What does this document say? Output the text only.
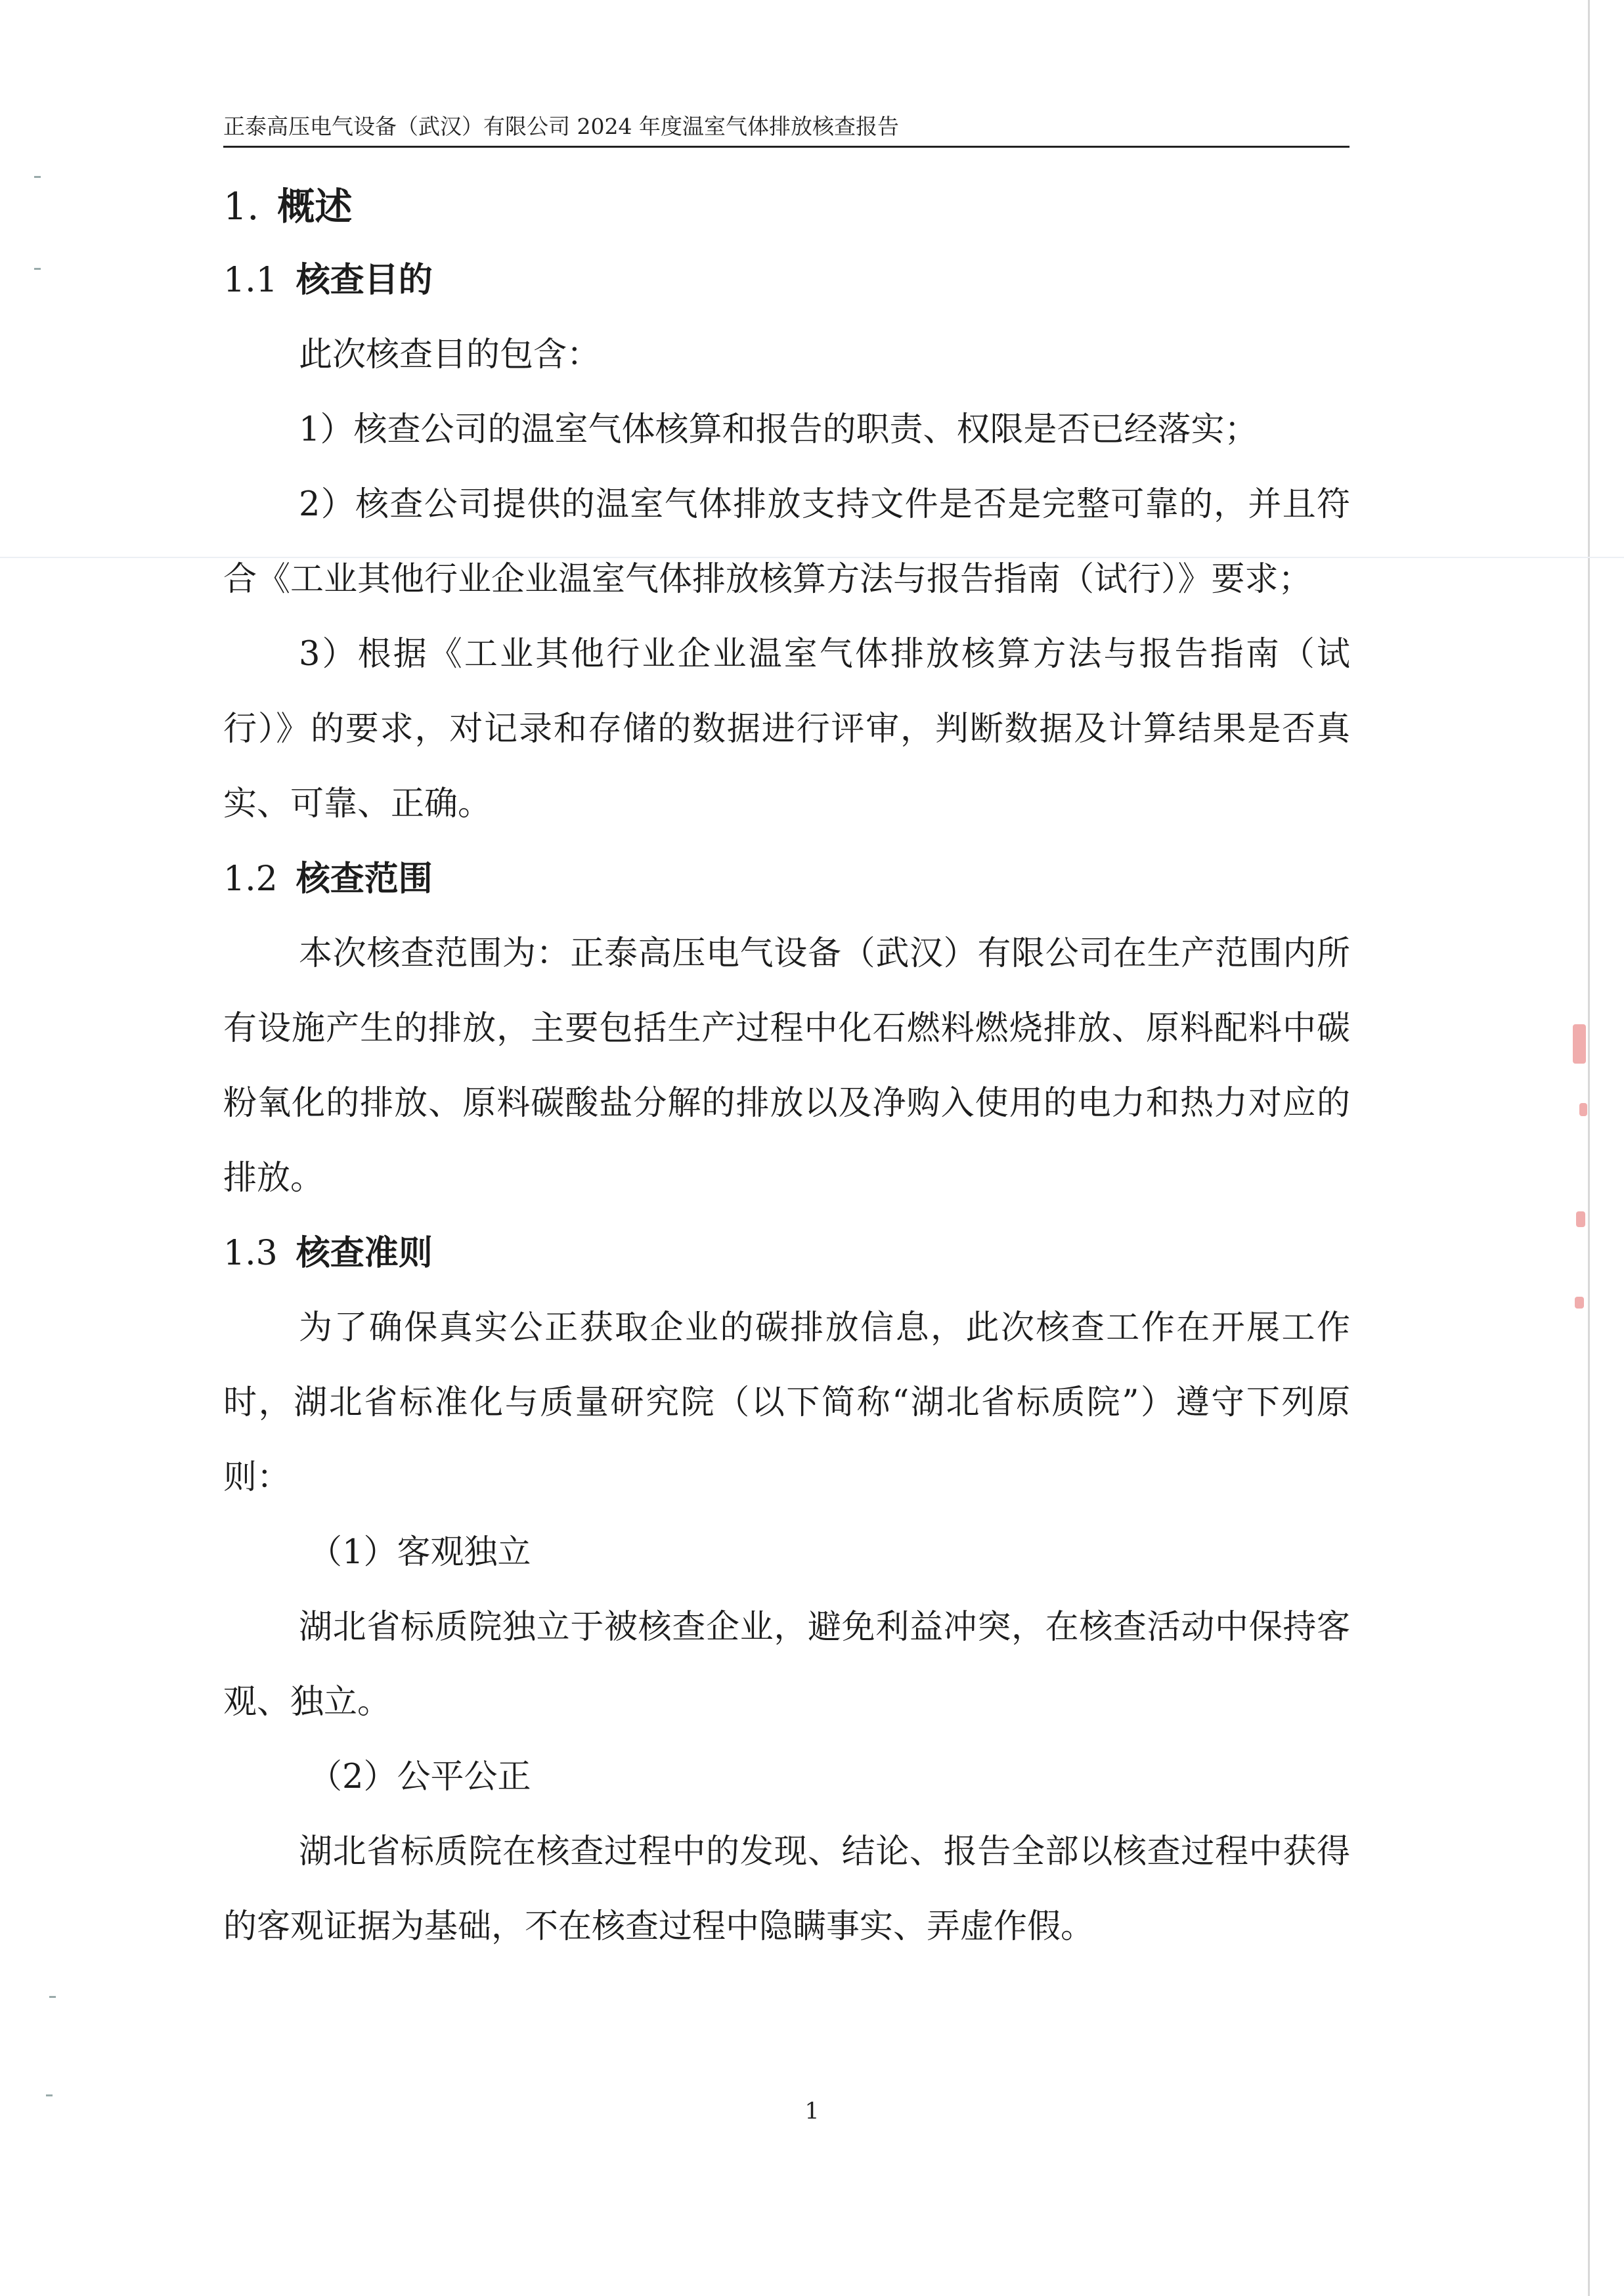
正泰高压电气设备（武汉）有限公司 2024 年度温室气体排放核查报告

1. 概述

1.1 核查目的

此次核查目的包含：

1）核查公司的温室气体核算和报告的职责、权限是否已经落实；

2）核查公司提供的温室气体排放支持文件是否是完整可靠的，并且符合《工业其他行业企业温室气体排放核算方法与报告指南（试行）》要求；

3）根据《工业其他行业企业温室气体排放核算方法与报告指南（试行）》的要求，对记录和存储的数据进行评审，判断数据及计算结果是否真实、可靠、正确。

1.2 核查范围

本次核查范围为：正泰高压电气设备（武汉）有限公司在生产范围内所有设施产生的排放，主要包括生产过程中化石燃料燃烧排放、原料配料中碳粉氧化的排放、原料碳酸盐分解的排放以及净购入使用的电力和热力对应的排放。

1.3 核查准则

为了确保真实公正获取企业的碳排放信息，此次核查工作在开展工作时，湖北省标准化与质量研究院（以下简称“湖北省标质院”）遵守下列原则：

（1）客观独立

湖北省标质院独立于被核查企业，避免利益冲突，在核查活动中保持客观、独立。

（2）公平公正

湖北省标质院在核查过程中的发现、结论、报告全部以核查过程中获得的客观证据为基础，不在核查过程中隐瞒事实、弄虚作假。

1
